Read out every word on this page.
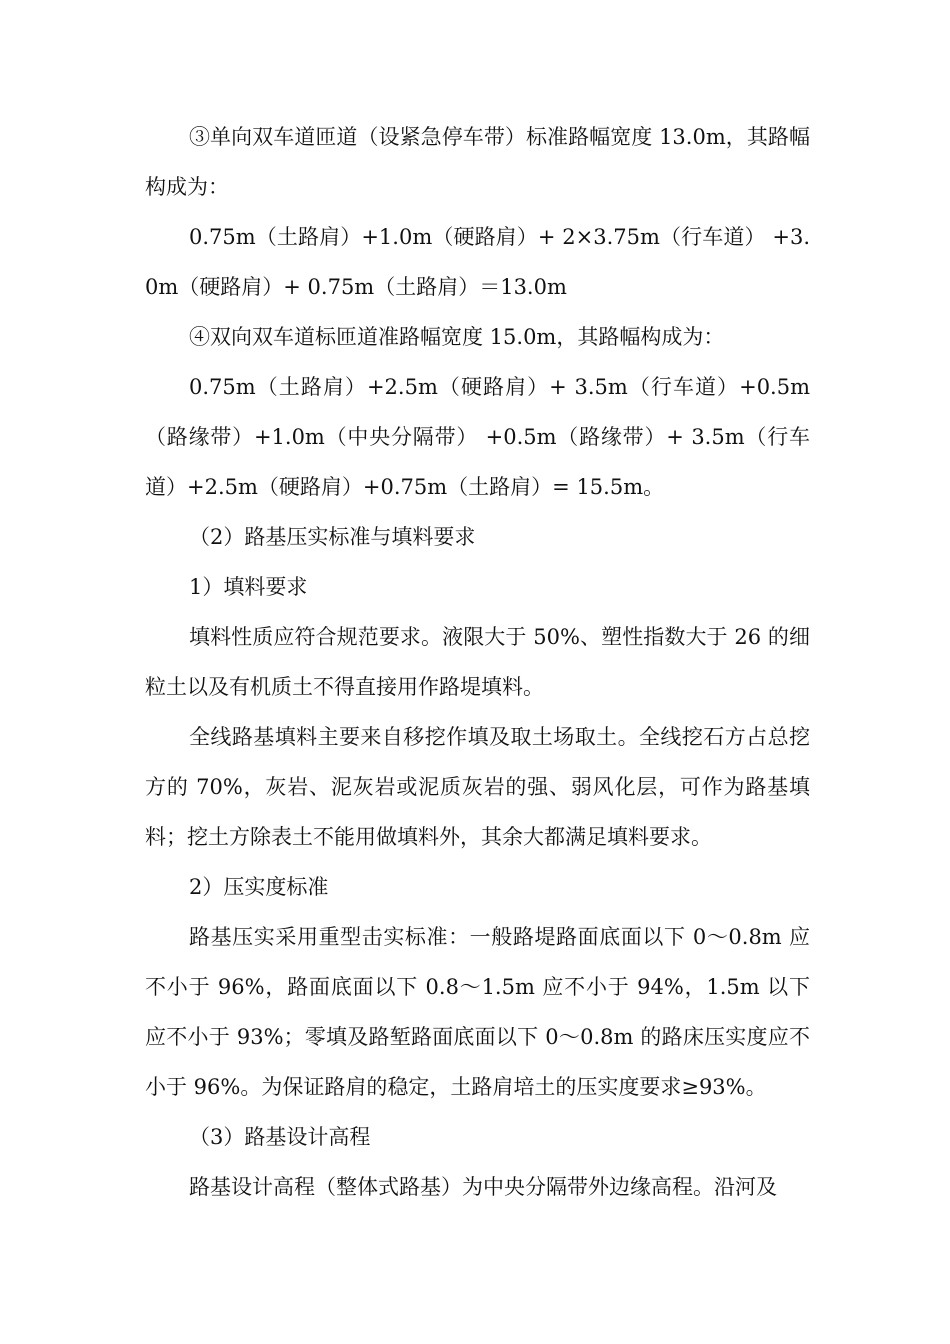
③单向双车道匝道（设紧急停车带）标准路幅宽度 13.0m，其路幅构成为：

0.75m（土路肩）+1.0m（硬路肩）+ 2×3.75m（行车道） +3.0m（硬路肩）+ 0.75m（土路肩）＝13.0m

④双向双车道标匝道准路幅宽度 15.0m，其路幅构成为：

0.75m（土路肩）+2.5m（硬路肩）+ 3.5m（行车道）+0.5m（路缘带）+1.0m（中央分隔带） +0.5m（路缘带）+ 3.5m（行车道）+2.5m（硬路肩）+0.75m（土路肩）= 15.5m。

（2）路基压实标准与填料要求

1）填料要求

填料性质应符合规范要求。液限大于 50%、塑性指数大于 26 的细粒土以及有机质土不得直接用作路堤填料。

全线路基填料主要来自移挖作填及取土场取土。全线挖石方占总挖方的 70%，灰岩、泥灰岩或泥质灰岩的强、弱风化层，可作为路基填料；挖土方除表土不能用做填料外，其余大都满足填料要求。

2）压实度标准

路基压实采用重型击实标准：一般路堤路面底面以下 0～0.8m 应不小于 96%，路面底面以下 0.8～1.5m 应不小于 94%，1.5m 以下应不小于 93%；零填及路堑路面底面以下 0～0.8m 的路床压实度应不小于 96%。为保证路肩的稳定，土路肩培土的压实度要求≥93%。

（3）路基设计高程

路基设计高程（整体式路基）为中央分隔带外边缘高程。沿河及
